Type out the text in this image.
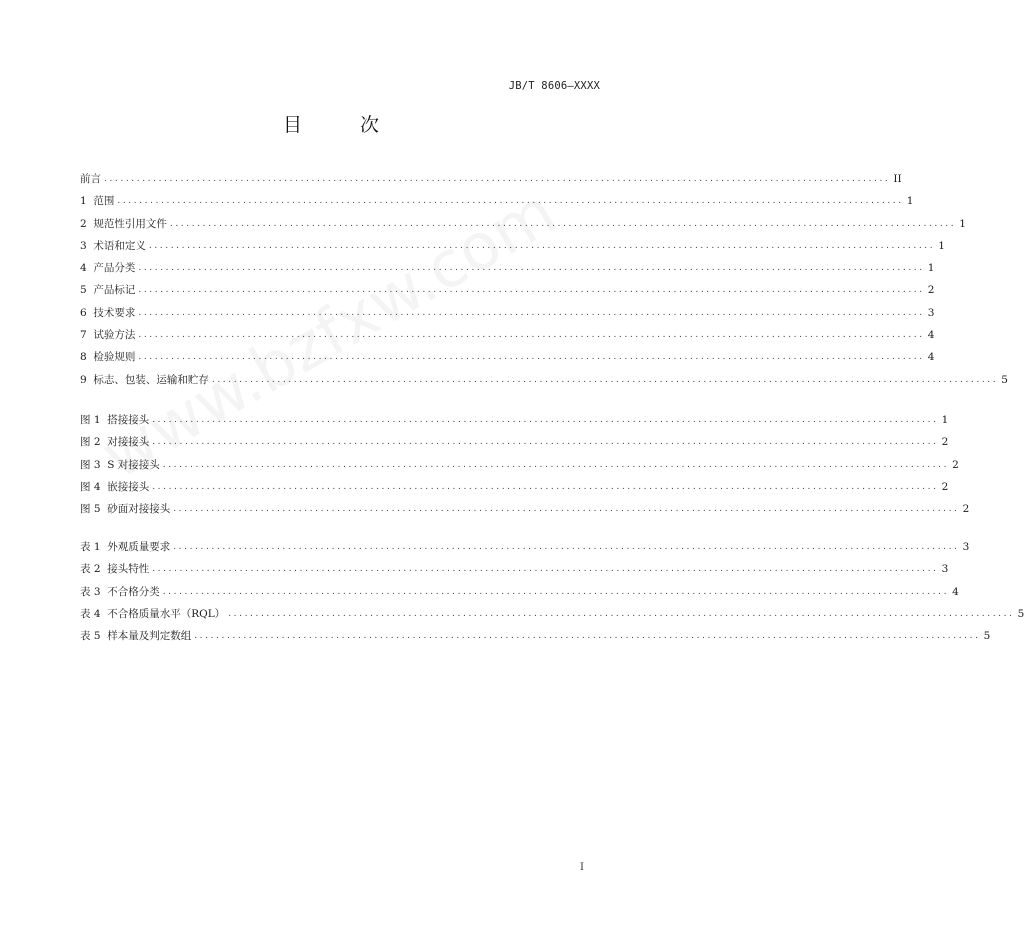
JB/T 8606—XXXX
目 次
前言 ................................................................................................................................................ II
1  范围 ................................................................................................................................................ 1
2  规范性引用文件 ................................................................................................................................................ 1
3  术语和定义 ................................................................................................................................................ 1
4  产品分类 ................................................................................................................................................ 1
5  产品标记 ................................................................................................................................................ 2
6  技术要求 ................................................................................................................................................ 3
7  试验方法 ................................................................................................................................................ 4
8  检验规则 ................................................................................................................................................ 4
9  标志、包装、运输和贮存 ................................................................................................................................................ 5
图 1  搭接接头 ................................................................................................................................................ 1
图 2  对接接头 ................................................................................................................................................ 2
图 3  S 对接接头 ................................................................................................................................................ 2
图 4  嵌接接头 ................................................................................................................................................ 2
图 5  砂面对接接头 ................................................................................................................................................ 2
表 1  外观质量要求 ................................................................................................................................................ 3
表 2  接头特性 ................................................................................................................................................ 3
表 3  不合格分类 ................................................................................................................................................ 4
表 4  不合格质量水平（RQL） ................................................................................................................................................ 5
表 5  样本量及判定数组 ................................................................................................................................................ 5
I
